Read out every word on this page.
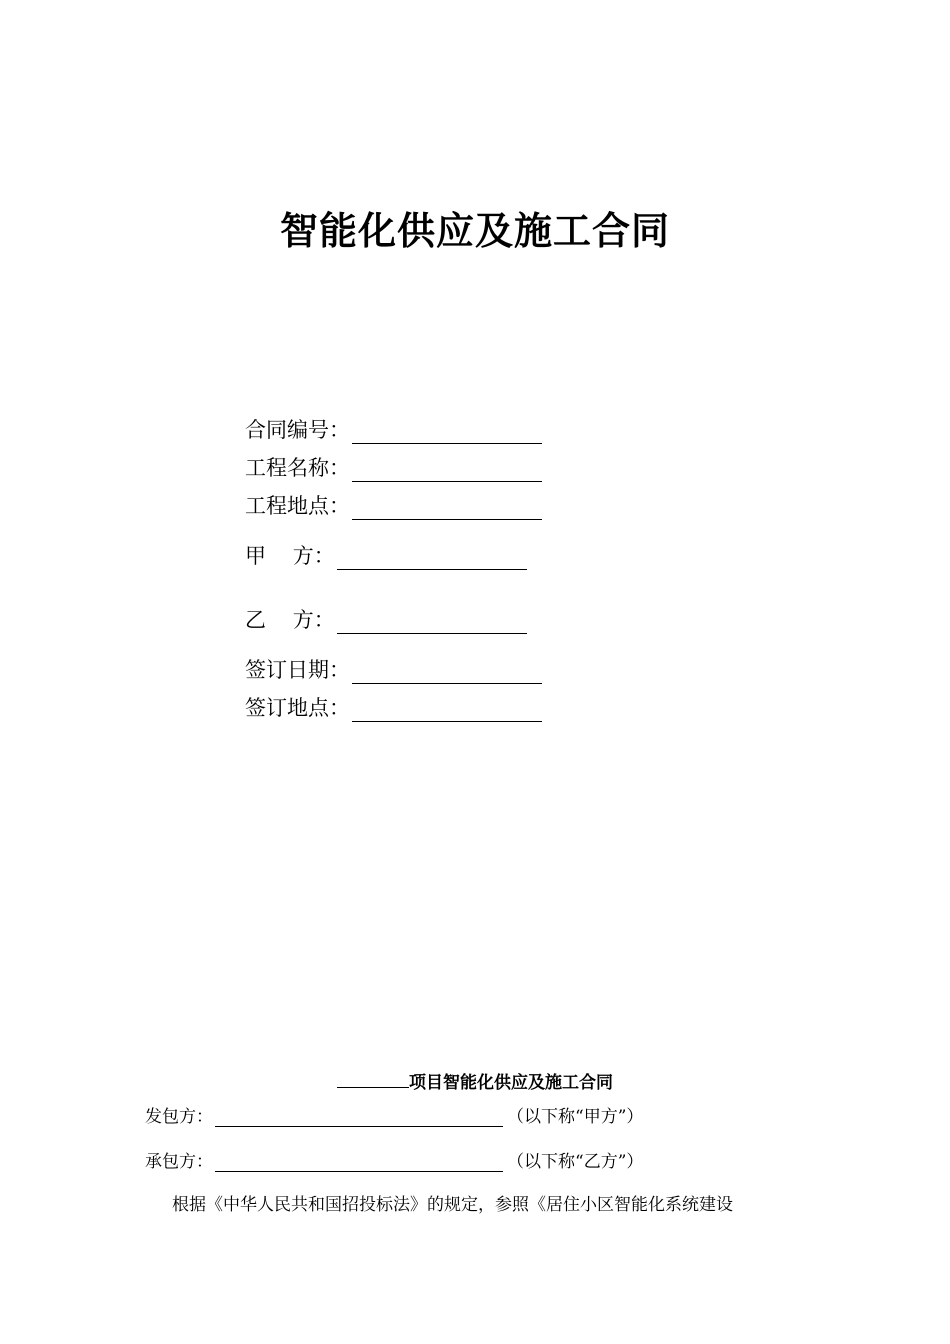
智能化供应及施工合同
合同编号：
工程名称：
工程地点：
甲    方：
乙    方：
签订日期：
签订地点：
项目智能化供应及施工合同
发包方：	（以下称“甲方”）
承包方：	（以下称“乙方”）
根据《中华人民共和国招投标法》的规定，参照《居住小区智能化系统建设
